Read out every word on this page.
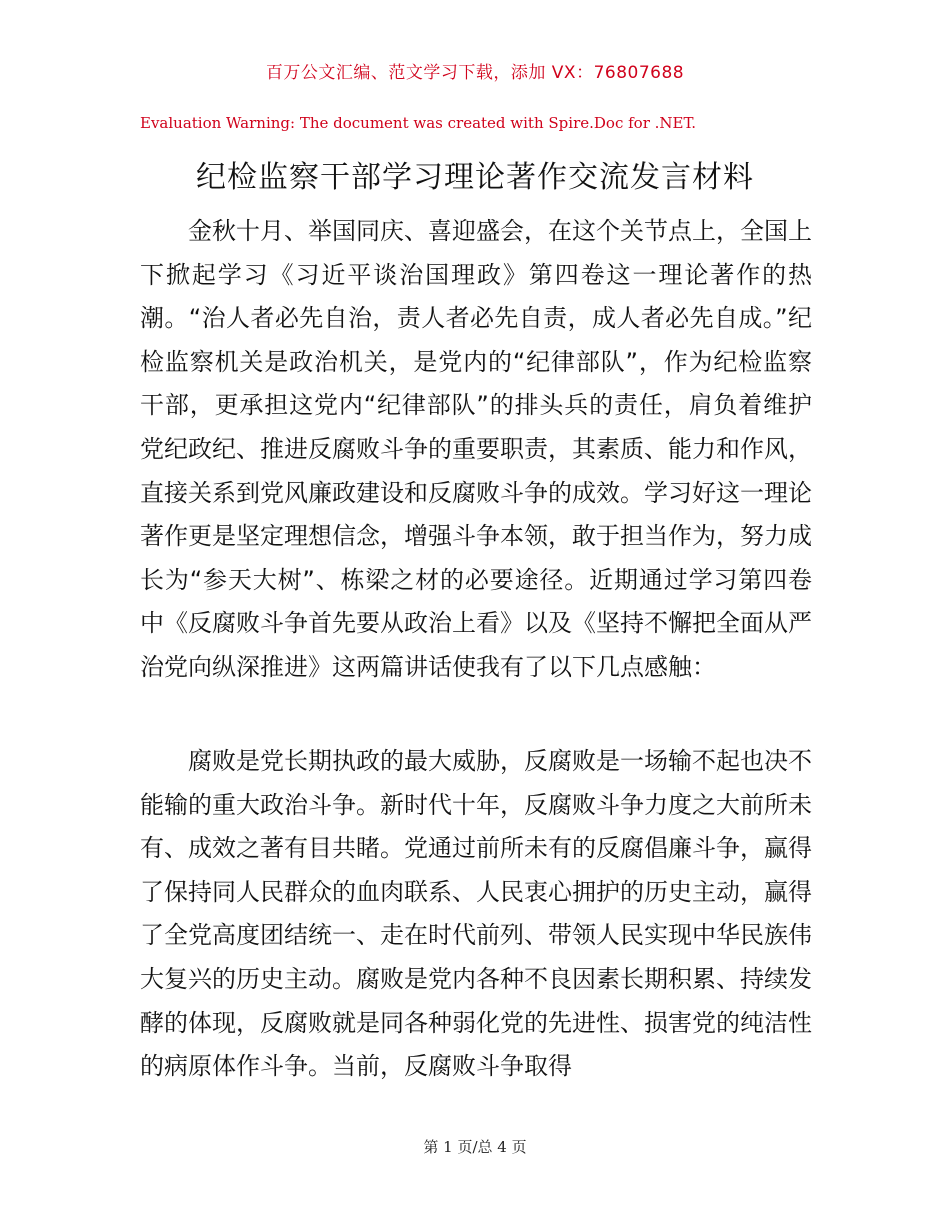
百万公文汇编、范文学习下载，添加 VX：76807688
Evaluation Warning: The document was created with Spire.Doc for .NET.
纪检监察干部学习理论著作交流发言材料

金秋十月、举国同庆、喜迎盛会，在这个关节点上，全国上下掀起学习《习近平谈治国理政》第四卷这一理论著作的热潮。“治人者必先自治，责人者必先自责，成人者必先自成。”纪检监察机关是政治机关，是党内的“纪律部队”，作为纪检监察干部，更承担这党内“纪律部队”的排头兵的责任，肩负着维护党纪政纪、推进反腐败斗争的重要职责，其素质、能力和作风，直接关系到党风廉政建设和反腐败斗争的成效。学习好这一理论著作更是坚定理想信念，增强斗争本领，敢于担当作为，努力成长为“参天大树”、栋梁之材的必要途径。近期通过学习第四卷中《反腐败斗争首先要从政治上看》以及《坚持不懈把全面从严治党向纵深推进》这两篇讲话使我有了以下几点感触：

腐败是党长期执政的最大威胁，反腐败是一场输不起也决不能输的重大政治斗争。新时代十年，反腐败斗争力度之大前所未有、成效之著有目共睹。党通过前所未有的反腐倡廉斗争，赢得了保持同人民群众的血肉联系、人民衷心拥护的历史主动，赢得了全党高度团结统一、走在时代前列、带领人民实现中华民族伟大复兴的历史主动。腐败是党内各种不良因素长期积累、持续发酵的体现，反腐败就是同各种弱化党的先进性、损害党的纯洁性的病原体作斗争。当前，反腐败斗争取得

第 1 页/总 4 页
